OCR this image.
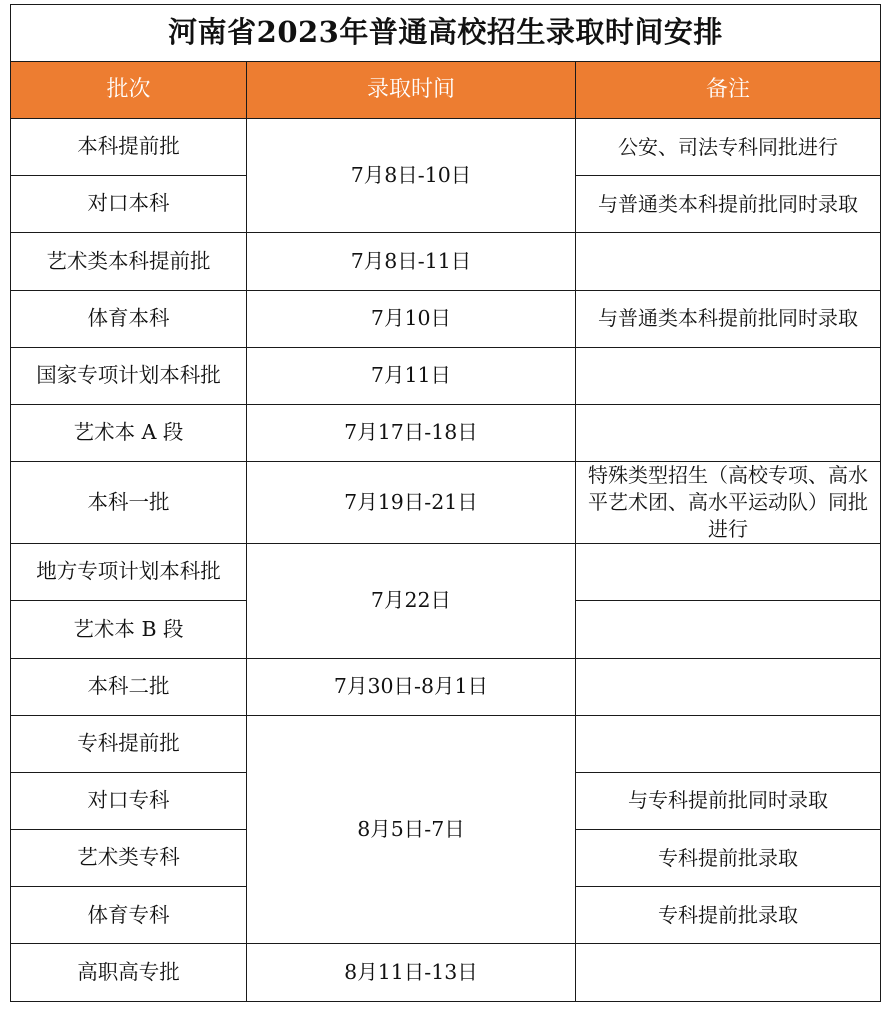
河南省2023年普通高校招生录取时间安排		
批次	录取时间	备注
本科提前批	7月8日-10日	公安、司法专科同批进行
对口本科		与普通类本科提前批同时录取
艺术类本科提前批	7月8日-11日	
体育本科	7月10日	与普通类本科提前批同时录取
国家专项计划本科批	7月11日	
艺术本 A 段	7月17日-18日	
本科一批	7月19日-21日	特殊类型招生（高校专项、高水平艺术团、高水平运动队）同批进行
地方专项计划本科批	7月22日	
艺术本 B 段		
本科二批	7月30日-8月1日	
专科提前批	8月5日-7日	
对口专科		与专科提前批同时录取
艺术类专科		专科提前批录取
体育专科		专科提前批录取
高职高专批	8月11日-13日	
